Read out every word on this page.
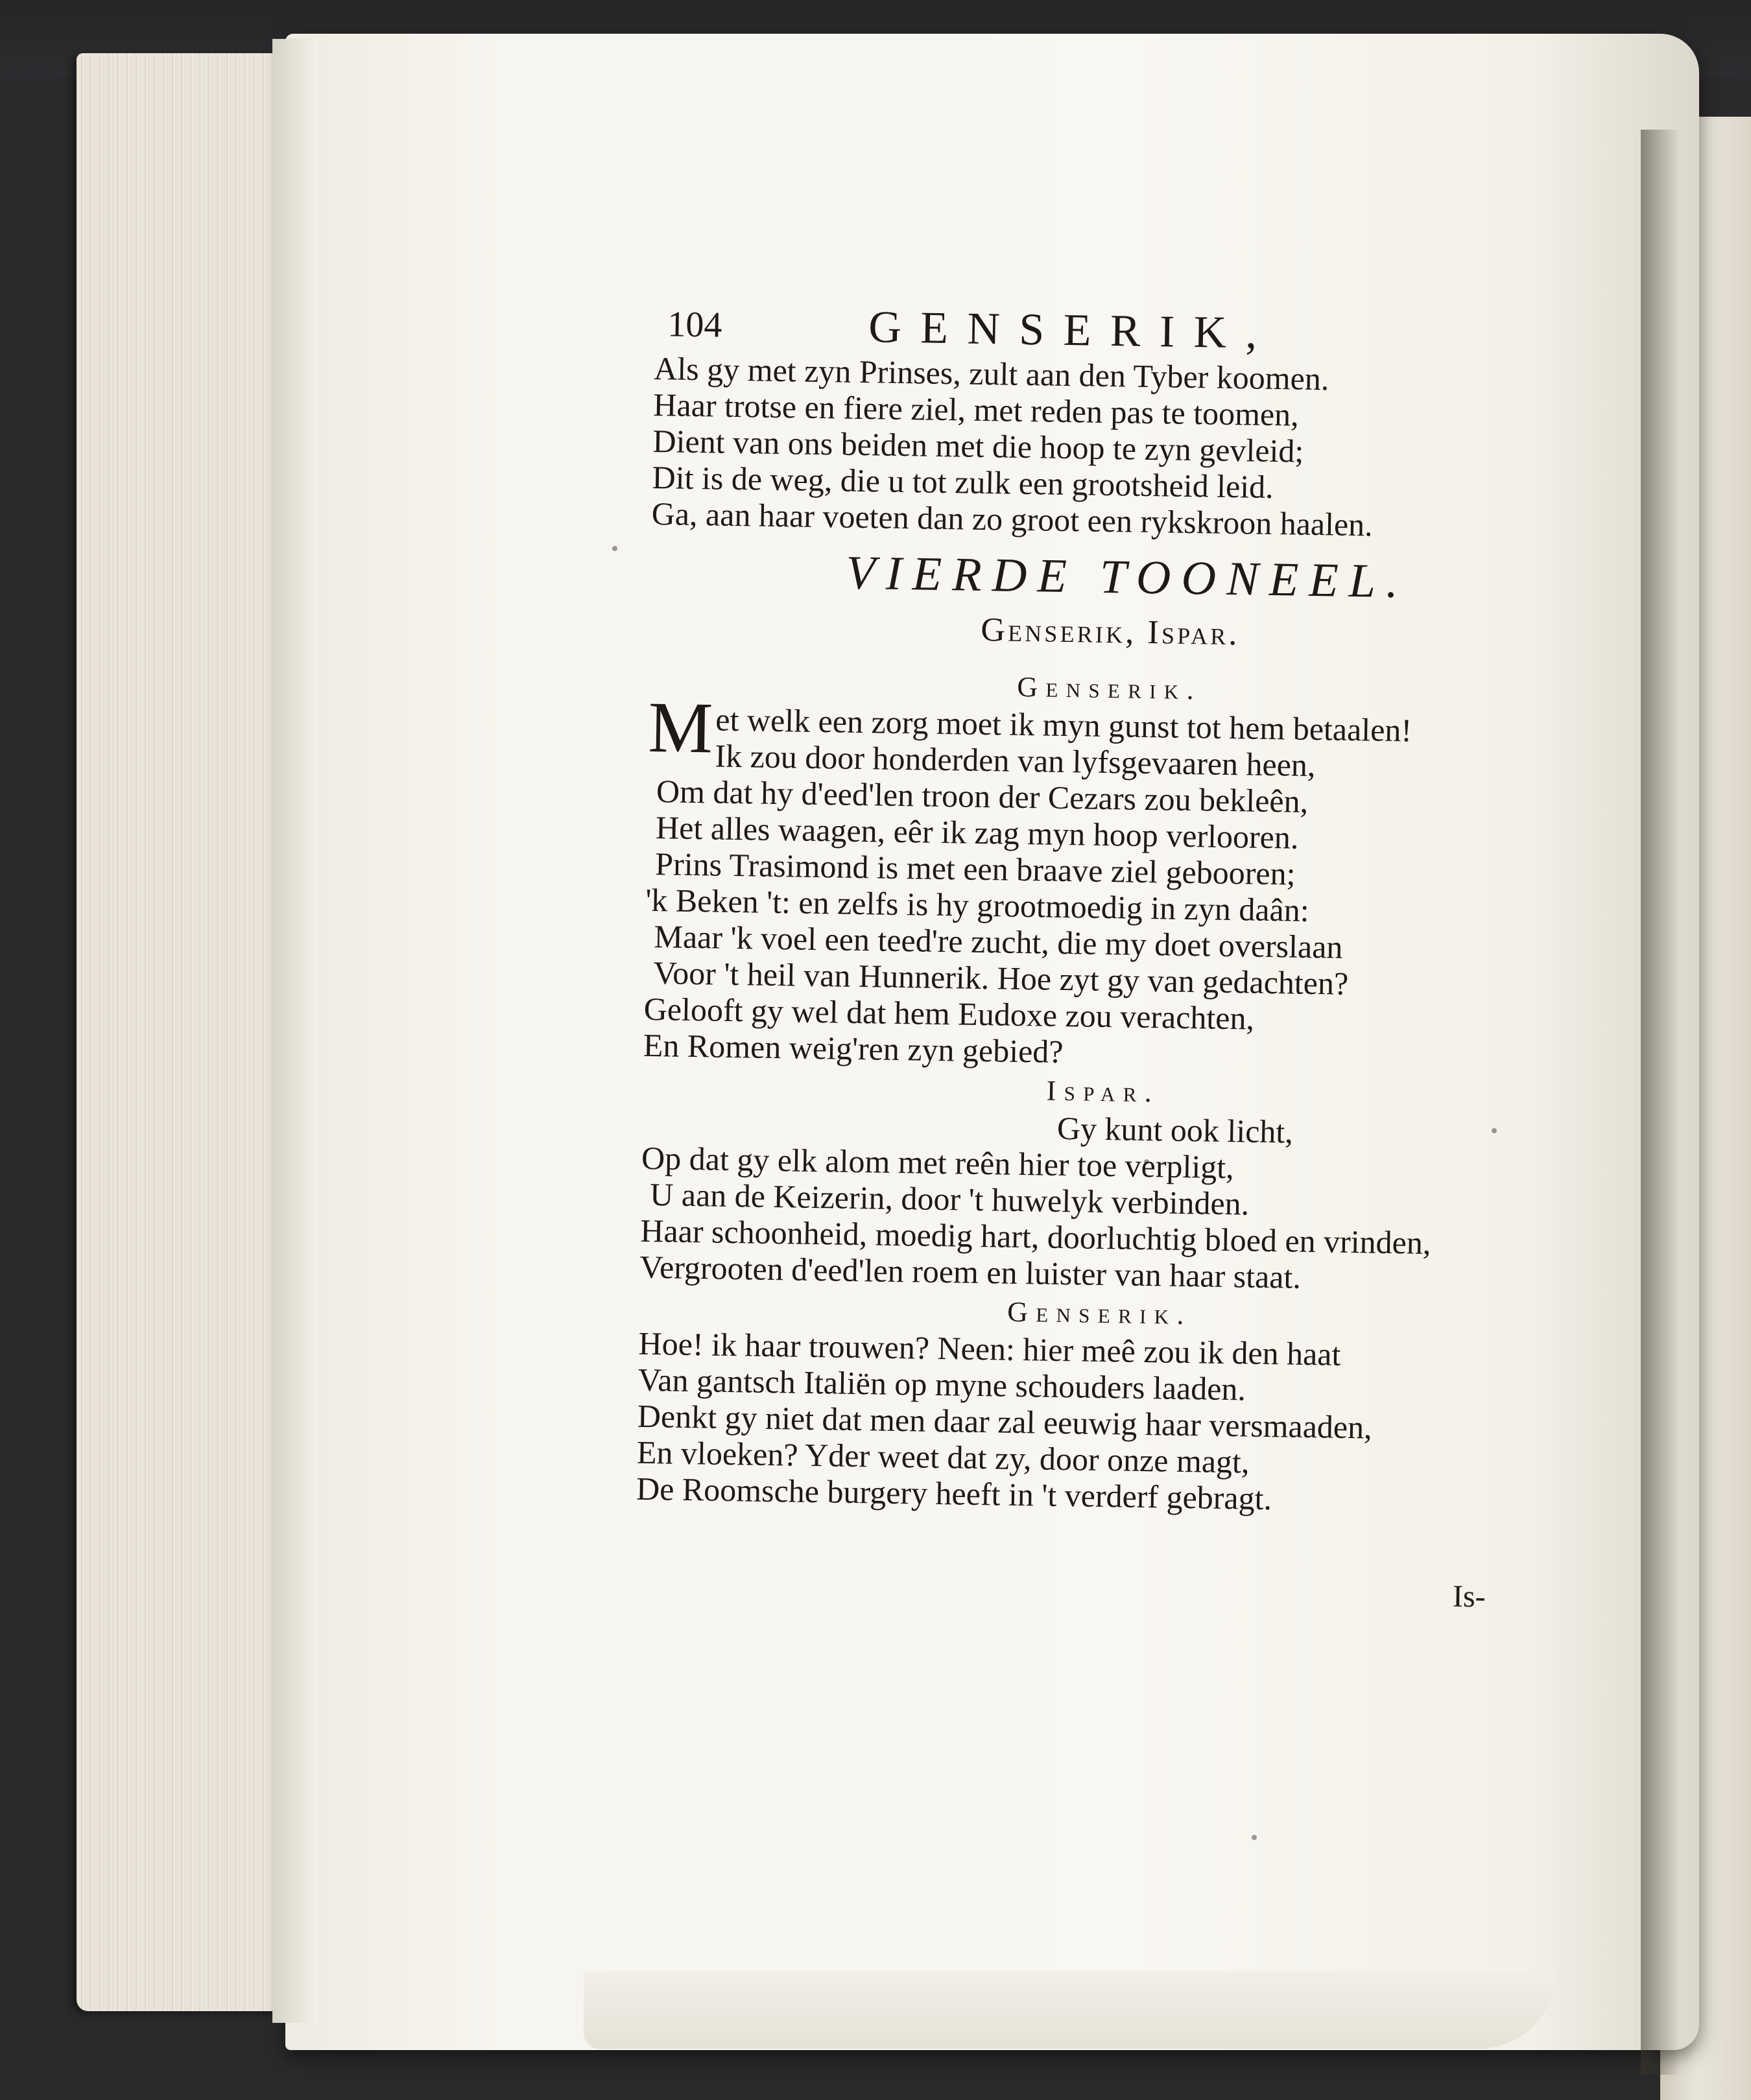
104	GENSERIK,
Als gy met zyn Prinses, zult aan den Tyber koomen.
Haar trotse en fiere ziel, met reden pas te toomen,
Dient van ons beiden met die hoop te zyn gevleid;
Dit is de weg, die u tot zulk een grootsheid leid.
Ga, aan haar voeten dan zo groot een rykskroon haalen.
VIERDE TOONEEL.
Genserik, Ispar.
Genserik.
Met welk een zorg moet ik myn gunst tot hem betaalen!
Ik zou door honderden van lyfsgevaaren heen,
Om dat hy d'eed'len troon der Cezars zou bekleên,
Het alles waagen, eêr ik zag myn hoop verlooren.
Prins Trasimond is met een braave ziel gebooren;
'k Beken 't: en zelfs is hy grootmoedig in zyn daân:
Maar 'k voel een teed're zucht, die my doet overslaan
Voor 't heil van Hunnerik. Hoe zyt gy van gedachten?
Gelooft gy wel dat hem Eudoxe zou verachten,
En Romen weig'ren zyn gebied?
Ispar.
Gy kunt ook licht,
Op dat gy elk alom met reên hier toe verpligt,
U aan de Keizerin, door 't huwelyk verbinden.
Haar schoonheid, moedig hart, doorluchtig bloed en vrinden,
Vergrooten d'eed'len roem en luister van haar staat.
Genserik.
Hoe! ik haar trouwen? Neen: hier meê zou ik den haat
Van gantsch Italiën op myne schouders laaden.
Denkt gy niet dat men daar zal eeuwig haar versmaaden,
En vloeken? Yder weet dat zy, door onze magt,
De Roomsche burgery heeft in 't verderf gebragt.
Is-
